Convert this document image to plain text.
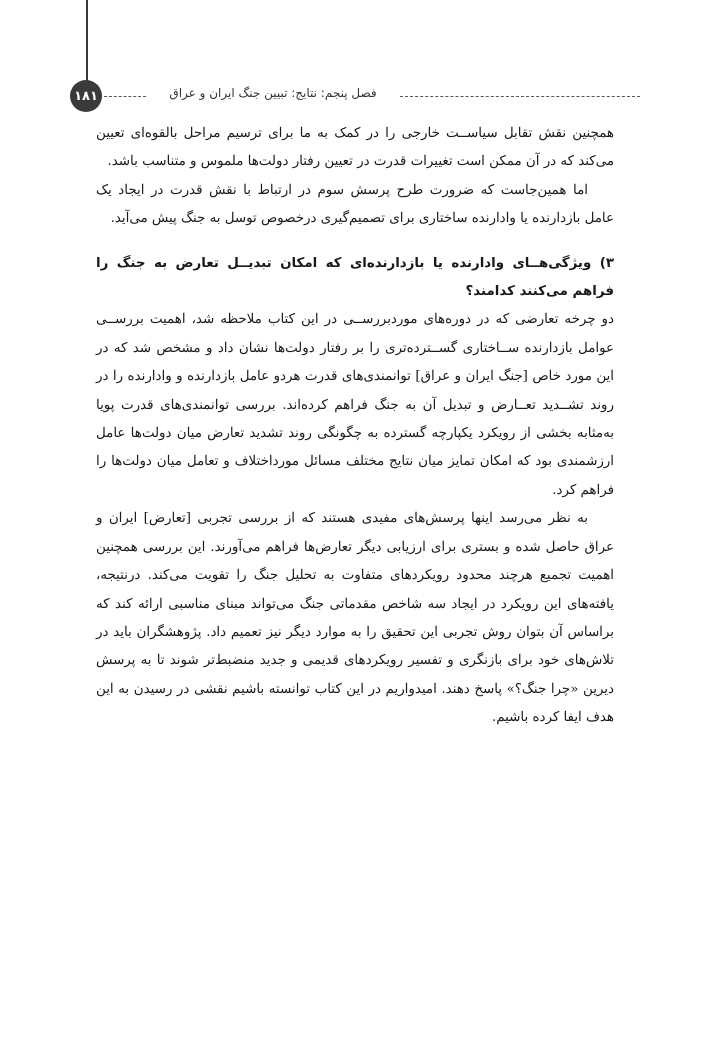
۱۸۱	فصل پنجم: نتایج: تبیین جنگ ایران و عراق

همچنین نقش تقابل سیاســت خارجی را در کمک به ما برای ترسیم مراحل بالقوه‌ای تعیین می‌کند که در آن ممکن است تغییرات قدرت در تعیین رفتار دولت‌ها ملموس و متناسب باشد.

اما همین‌جاست که ضرورت طرح پرسش سوم در ارتباط با نقش قدرت در ایجاد یک عامل بازدارنده یا وادارنده ساختاری برای تصمیم‌گیری درخصوص توسل به جنگ پیش می‌آید.

۳) ویژگی‌هــای وادارنده یا بازدارنده‌ای که امکان تبدیــل تعارض به جنگ را فراهم می‌کنند کدامند؟

دو چرخه تعارضی که در دوره‌های موردبررســی در این کتاب ملاحظه شد، اهمیت بررســی عوامل بازدارنده ســاختاری گســترده‌تری را بر رفتار دولت‌ها نشان داد و مشخص شد که در این مورد خاص [جنگ ایران و عراق] توانمندی‌های قدرت هردو عامل بازدارنده و وادارنده را در روند تشــدید تعــارض و تبدیل آن به جنگ فراهم کرده‌اند. بررسی توانمندی‌های قدرت پویا به‌مثابه بخشی از رویکرد یکپارچه گسترده به چگونگی روند تشدید تعارض میان دولت‌ها عامل ارزشمندی بود که امکان تمایز میان نتایج مختلف مسائل مورداختلاف و تعامل میان دولت‌ها را فراهم کرد.

به نظر می‌رسد اینها پرسش‌های مفیدی هستند که از بررسی تجربی [تعارض] ایران و عراق حاصل شده و بستری برای ارزیابی دیگر تعارض‌ها فراهم می‌آورند. این بررسی همچنین اهمیت تجمیع هرچند محدود رویکردهای متفاوت به تحلیل جنگ را تقویت می‌کند. درنتیجه، یافته‌های این رویکرد در ایجاد سه شاخص مقدماتی جنگ می‌تواند مبنای مناسبی ارائه کند که براساس آن بتوان روش تجربی این تحقیق را به موارد دیگر نیز تعمیم داد. پژوهشگران باید در تلاش‌های خود برای بازنگری و تفسیر رویکردهای قدیمی و جدید منضبط‌تر شوند تا به پرسش دیرین «چرا جنگ؟» پاسخ دهند. امیدواریم در این کتاب توانسته باشیم نقشی در رسیدن به این هدف ایفا کرده باشیم.
